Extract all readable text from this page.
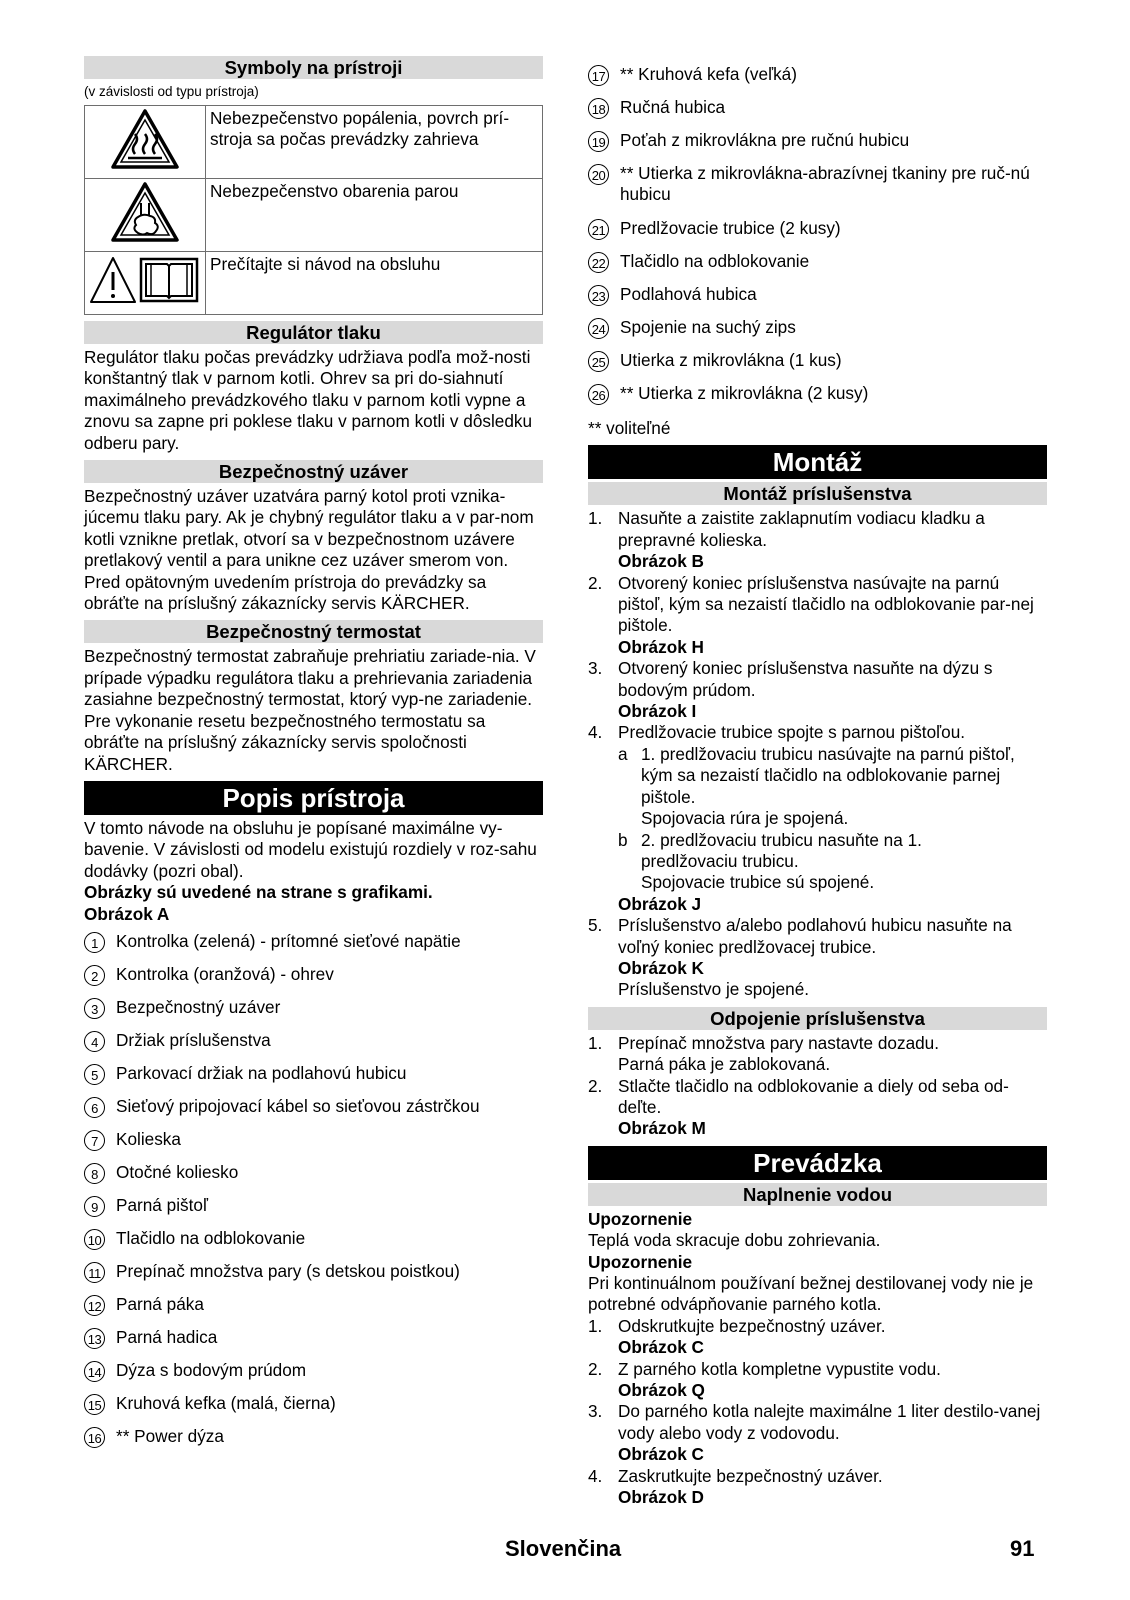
Symboly na prístroji
(v závislosti od typu prístroja)
	Nebezpečenstvo popálenia, povrch prí-stroja sa počas prevádzky zahrieva
	Nebezpečenstvo obarenia parou
	Prečítajte si návod na obsluhu
Regulátor tlaku

Regulátor tlaku počas prevádzky udržiava podľa mož-nosti konštantný tlak v parnom kotli. Ohrev sa pri do-siahnutí maximálneho prevádzkového tlaku v parnom kotli vypne a znovu sa zapne pri poklese tlaku v parnom kotli v dôsledku odberu pary.

Bezpečnostný uzáver

Bezpečnostný uzáver uzatvára parný kotol proti vznika-júcemu tlaku pary. Ak je chybný regulátor tlaku a v par-nom kotli vznikne pretlak, otvorí sa v bezpečnostnom uzávere pretlakový ventil a para unikne cez uzáver smerom von.

Pred opätovným uvedením prístroja do prevádzky sa obráťte na príslušný zákaznícky servis KÄRCHER.

Bezpečnostný termostat

Bezpečnostný termostat zabraňuje prehriatiu zariade-nia. V prípade výpadku regulátora tlaku a prehrievania zariadenia zasiahne bezpečnostný termostat, ktorý vyp-ne zariadenie.

Pre vykonanie resetu bezpečnostného termostatu sa obráťte na príslušný zákaznícky servis spoločnosti KÄRCHER.

Popis prístroja

V tomto návode na obsluhu je popísané maximálne vy-bavenie. V závislosti od modelu existujú rozdiely v roz-sahu dodávky (pozri obal).

Obrázky sú uvedené na strane s grafikami.

Obrázok A

1	Kontrolka (zelená) - prítomné sieťové napätie
2	Kontrolka (oranžová) - ohrev
3	Bezpečnostný uzáver
4	Držiak príslušenstva
5	Parkovací držiak na podlahovú hubicu
6	Sieťový pripojovací kábel so sieťovou zástrčkou
7	Kolieska
8	Otočné koliesko
9	Parná pištoľ
10 Tlačidlo na odblokovanie
11 Prepínač množstva pary (s detskou poistkou)
12 Parná páka
13 Parná hadica
14 Dýza s bodovým prúdom
15 Kruhová kefka (malá, čierna)
16 ** Power dýza
17 ** Kruhová kefa (veľká)
18 Ručná hubica
19 Poťah z mikrovlákna pre ručnú hubicu
20 ** Utierka z mikrovlákna-abrazívnej tkaniny pre ruč-nú hubicu
21 Predlžovacie trubice (2 kusy)
22 Tlačidlo na odblokovanie
23 Podlahová hubica
24 Spojenie na suchý zips
25 Utierka z mikrovlákna (1 kus)
26 ** Utierka z mikrovlákna (2 kusy)

** voliteľné

Montáž
Montáž príslušenstva
1. Nasuňte a zaistite zaklapnutím vodiacu kladku a prepravné kolieska.

Obrázok B

2. Otvorený koniec príslušenstva nasúvajte na parnú pištoľ, kým sa nezaistí tlačidlo na odblokovanie par-nej pištole.

Obrázok H

3. Otvorený koniec príslušenstva nasuňte na dýzu s bodovým prúdom.

Obrázok I

4. Predlžovacie trubice spojte s parnou pištoľou.

a 1. predlžovaciu trubicu nasúvajte na parnú pištoľ, kým sa nezaistí tlačidlo na odblokovanie parnej pištole.

Spojovacia rúra je spojená.

b 2. predlžovaciu trubicu nasuňte na 1. predlžovaciu trubicu.

Spojovacie trubice sú spojené.

Obrázok J

5. Príslušenstvo a/alebo podlahovú hubicu nasuňte na voľný koniec predlžovacej trubice.

Obrázok K

Príslušenstvo je spojené.

Odpojenie príslušenstva
1. Prepínač množstva pary nastavte dozadu.

Parná páka je zablokovaná.

2. Stlačte tlačidlo na odblokovanie a diely od seba od-deľte.

Obrázok M

Prevádzka
Naplnenie vodou

Upozornenie

Teplá voda skracuje dobu zohrievania.

Upozornenie

Pri kontinuálnom používaní bežnej destilovanej vody nie je potrebné odvápňovanie parného kotla.

1. Odskrutkujte bezpečnostný uzáver.

Obrázok C

2. Z parného kotla kompletne vypustite vodu.

Obrázok Q

3. Do parného kotla nalejte maximálne 1 liter destilo-vanej vody alebo vody z vodovodu.

Obrázok C

4. Zaskrutkujte bezpečnostný uzáver.

Obrázok D

Slovenčina	91
